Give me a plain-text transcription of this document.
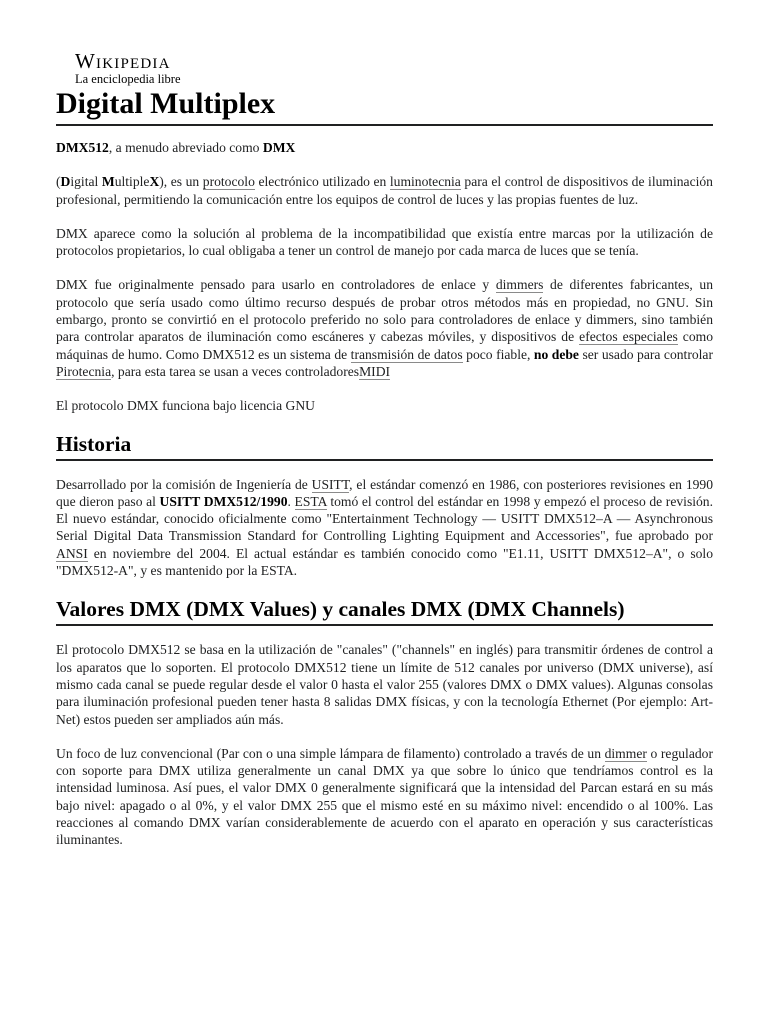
Wikipedia
La enciclopedia libre
Digital Multiplex

DMX512, a menudo abreviado como DMX

(Digital MultipleX), es un protocolo electrónico utilizado en luminotecnia para el control de dispositivos de iluminación profesional, permitiendo la comunicación entre los equipos de control de luces y las propias fuentes de luz.

DMX aparece como la solución al problema de la incompatibilidad que existía entre marcas por la utilización de protocolos propietarios, lo cual obligaba a tener un control de manejo por cada marca de luces que se tenía.

DMX fue originalmente pensado para usarlo en controladores de enlace y dimmers de diferentes fabricantes, un protocolo que sería usado como último recurso después de probar otros métodos más en propiedad, no GNU. Sin embargo, pronto se convirtió en el protocolo preferido no solo para controladores de enlace y dimmers, sino también para controlar aparatos de iluminación como escáneres y cabezas móviles, y dispositivos de efectos especiales como máquinas de humo. Como DMX512 es un sistema de transmisión de datos poco fiable, no debe ser usado para controlar Pirotecnia, para esta tarea se usan a veces controladoresMIDI

El protocolo DMX funciona bajo licencia GNU

Historia

Desarrollado por la comisión de Ingeniería de USITT, el estándar comenzó en 1986, con posteriores revisiones en 1990 que dieron paso al USITT DMX512/1990. ESTA tomó el control del estándar en 1998 y empezó el proceso de revisión. El nuevo estándar, conocido oficialmente como "Entertainment Technology — USITT DMX512–A — Asynchronous Serial Digital Data Transmission Standard for Controlling Lighting Equipment and Accessories", fue aprobado por ANSI en noviembre del 2004. El actual estándar es también conocido como "E1.11, USITT DMX512–A", o solo "DMX512-A", y es mantenido por la ESTA.

Valores DMX (DMX Values) y canales DMX (DMX Channels)

El protocolo DMX512 se basa en la utilización de "canales" ("channels" en inglés) para transmitir órdenes de control a los aparatos que lo soporten. El protocolo DMX512 tiene un límite de 512 canales por universo (DMX universe), así mismo cada canal se puede regular desde el valor 0 hasta el valor 255 (valores DMX o DMX values). Algunas consolas para iluminación profesional pueden tener hasta 8 salidas DMX físicas, y con la tecnología Ethernet (Por ejemplo: Art-Net) estos pueden ser ampliados aún más.

Un foco de luz convencional (Par con o una simple lámpara de filamento) controlado a través de un dimmer o regulador con soporte para DMX utiliza generalmente un canal DMX ya que sobre lo único que tendríamos control es la intensidad luminosa. Así pues, el valor DMX 0 generalmente significará que la intensidad del Parcan estará en su más bajo nivel: apagado o al 0%, y el valor DMX 255 que el mismo esté en su máximo nivel: encendido o al 100%. Las reacciones al comando DMX varían considerablemente de acuerdo con el aparato en operación y sus características iluminantes.
